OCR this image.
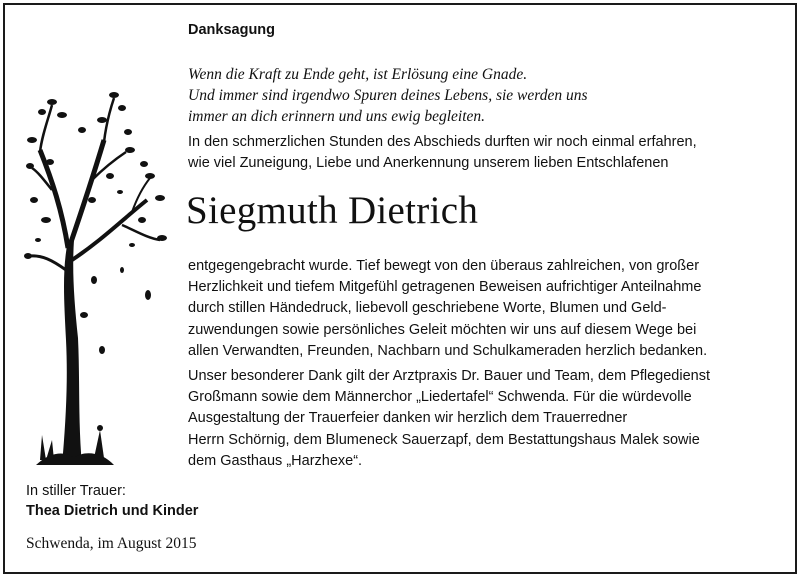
Danksagung
Wenn die Kraft zu Ende geht, ist Erlösung eine Gnade.
Und immer sind irgendwo Spuren deines Lebens, sie werden uns
immer an dich erinnern und uns ewig begleiten.
In den schmerzlichen Stunden des Abschieds durften wir noch einmal erfahren,
wie viel Zuneigung, Liebe und Anerkennung unserem lieben Entschlafenen
Siegmuth Dietrich
entgegengebracht wurde. Tief bewegt von den überaus zahlreichen, von großer
Herzlichkeit und tiefem Mitgefühl getragenen Beweisen aufrichtiger Anteilnahme
durch stillen Händedruck, liebevoll geschriebene Worte, Blumen und Geld-
zuwendungen sowie persönliches Geleit möchten wir uns auf diesem Wege bei
allen Verwandten, Freunden, Nachbarn und Schulkameraden herzlich bedanken.
Unser besonderer Dank gilt der Arztpraxis Dr. Bauer und Team, dem Pflegedienst
Großmann sowie dem Männerchor „Liedertafel“ Schwenda. Für die würdevolle
Ausgestaltung der Trauerfeier danken wir herzlich dem Trauerredner
Herrn Schörnig, dem Blumeneck Sauerzapf, dem Bestattungshaus Malek sowie
dem Gasthaus „Harzhexe“.
In stiller Trauer:
Thea Dietrich und Kinder
Schwenda, im August 2015
